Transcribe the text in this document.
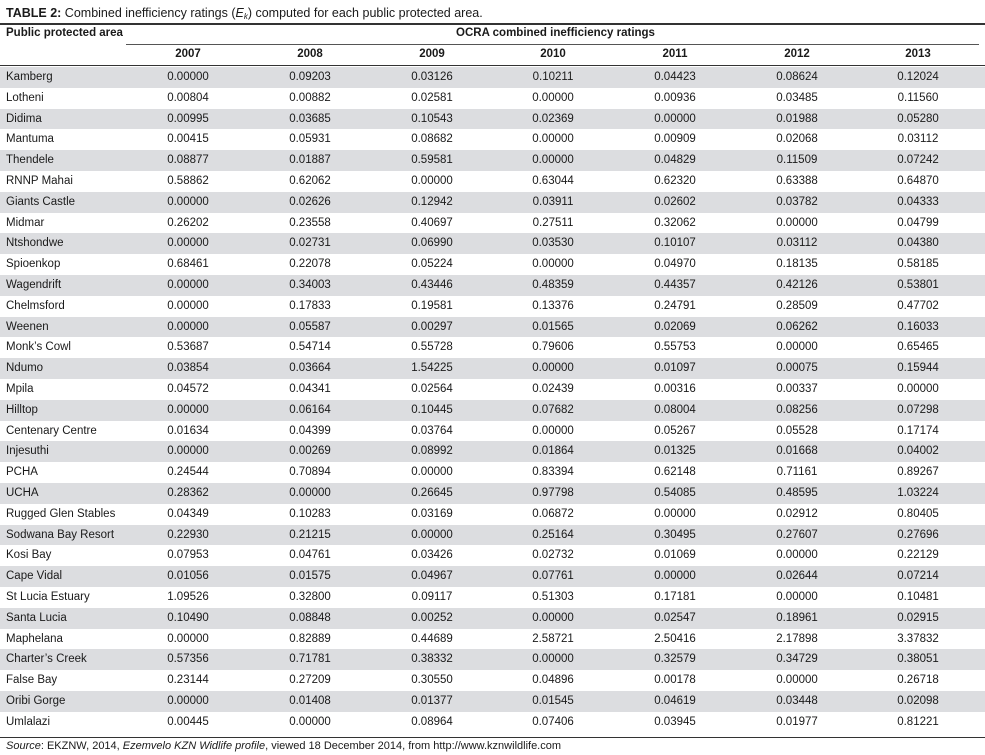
TABLE 2: Combined inefficiency ratings $(E_k)$ computed for each public protected area.
Public protected area	OCRA combined inefficiency ratings
2007	2008	2009	2010	2011	2012	2013
Kamberg	0.00000	0.09203	0.03126	0.10211	0.04423	0.08624	0.12024
Lotheni	0.00804	0.00882	0.02581	0.00000	0.00936	0.03485	0.11560
Didima	0.00995	0.03685	0.10543	0.02369	0.00000	0.01988	0.05280
Mantuma	0.00415	0.05931	0.08682	0.00000	0.00909	0.02068	0.03112
Thendele	0.08877	0.01887	0.59581	0.00000	0.04829	0.11509	0.07242
RNNP Mahai	0.58862	0.62062	0.00000	0.63044	0.62320	0.63388	0.64870
Giants Castle	0.00000	0.02626	0.12942	0.03911	0.02602	0.03782	0.04333
Midmar	0.26202	0.23558	0.40697	0.27511	0.32062	0.00000	0.04799
Ntshondwe	0.00000	0.02731	0.06990	0.03530	0.10107	0.03112	0.04380
Spioenkop	0.68461	0.22078	0.05224	0.00000	0.04970	0.18135	0.58185
Wagendrift	0.00000	0.34003	0.43446	0.48359	0.44357	0.42126	0.53801
Chelmsford	0.00000	0.17833	0.19581	0.13376	0.24791	0.28509	0.47702
Weenen	0.00000	0.05587	0.00297	0.01565	0.02069	0.06262	0.16033
Monk’s Cowl	0.53687	0.54714	0.55728	0.79606	0.55753	0.00000	0.65465
Ndumo	0.03854	0.03664	1.54225	0.00000	0.01097	0.00075	0.15944
Mpila	0.04572	0.04341	0.02564	0.02439	0.00316	0.00337	0.00000
Hilltop	0.00000	0.06164	0.10445	0.07682	0.08004	0.08256	0.07298
Centenary Centre	0.01634	0.04399	0.03764	0.00000	0.05267	0.05528	0.17174
Injesuthi	0.00000	0.00269	0.08992	0.01864	0.01325	0.01668	0.04002
PCHA	0.24544	0.70894	0.00000	0.83394	0.62148	0.71161	0.89267
UCHA	0.28362	0.00000	0.26645	0.97798	0.54085	0.48595	1.03224
Rugged Glen Stables	0.04349	0.10283	0.03169	0.06872	0.00000	0.02912	0.80405
Sodwana Bay Resort	0.22930	0.21215	0.00000	0.25164	0.30495	0.27607	0.27696
Kosi Bay	0.07953	0.04761	0.03426	0.02732	0.01069	0.00000	0.22129
Cape Vidal	0.01056	0.01575	0.04967	0.07761	0.00000	0.02644	0.07214
St Lucia Estuary	1.09526	0.32800	0.09117	0.51303	0.17181	0.00000	0.10481
Santa Lucia	0.10490	0.08848	0.00252	0.00000	0.02547	0.18961	0.02915
Maphelana	0.00000	0.82889	0.44689	2.58721	2.50416	2.17898	3.37832
Charter’s Creek	0.57356	0.71781	0.38332	0.00000	0.32579	0.34729	0.38051
False Bay	0.23144	0.27209	0.30550	0.04896	0.00178	0.00000	0.26718
Oribi Gorge	0.00000	0.01408	0.01377	0.01545	0.04619	0.03448	0.02098
Umlalazi	0.00445	0.00000	0.08964	0.07406	0.03945	0.01977	0.81221
Source: EKZNW, 2014, Ezemvelo KZN Widlife profile, viewed 18 December 2014, from http://www.kznwildlife.com
